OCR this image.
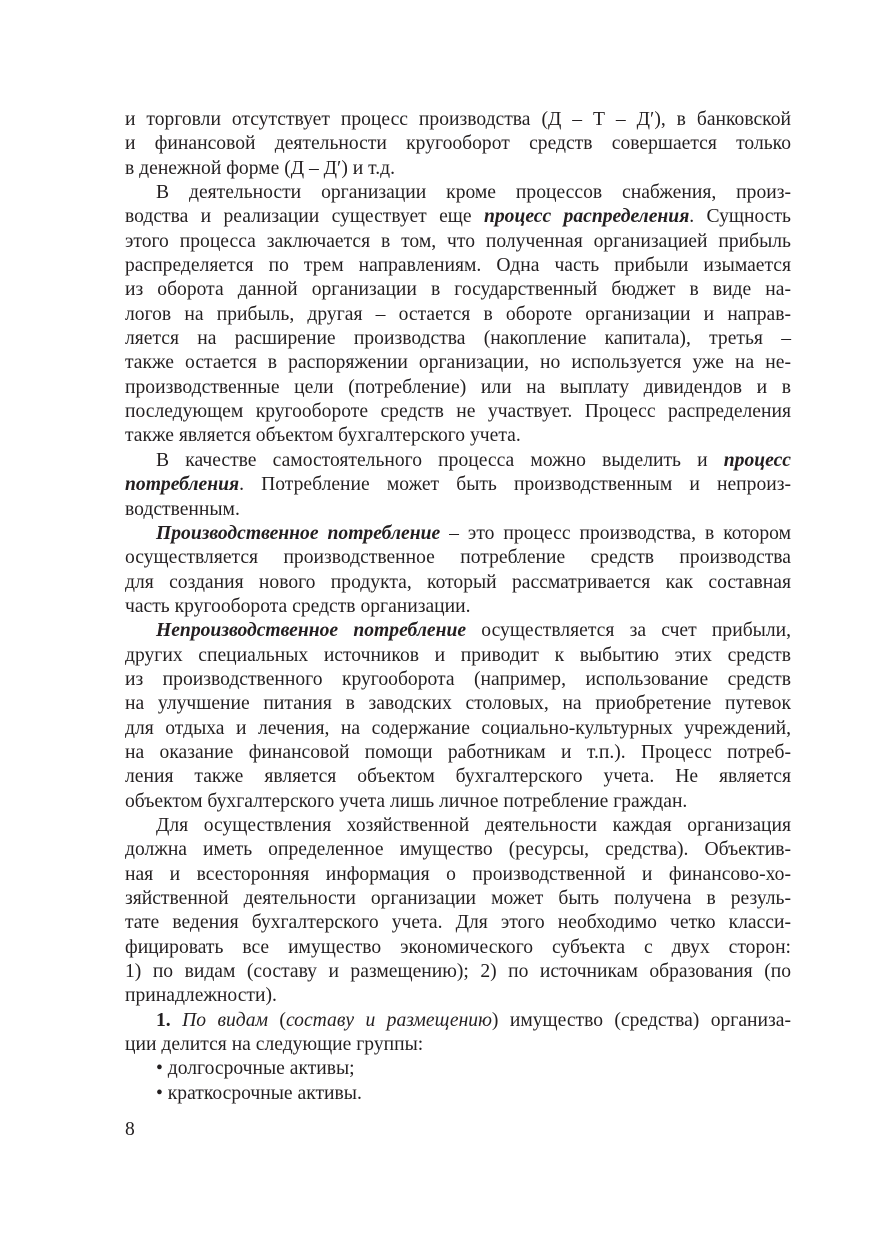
и торговли отсутствует процесс производства (Д – Т – Д′), в банковской
и финансовой деятельности кругооборот средств совершается только
в денежной форме (Д – Д′) и т.д.
В деятельности организации кроме процессов снабжения, произ-
водства и реализации существует еще процесс распределения. Сущность
этого процесса заключается в том, что полученная организацией прибыль
распределяется по трем направлениям. Одна часть прибыли изымается
из оборота данной организации в государственный бюджет в виде на-
логов на прибыль, другая – остается в обороте организации и направ-
ляется на расширение производства (накопление капитала), третья –
также остается в распоряжении организации, но используется уже на не-
производственные цели (потребление) или на выплату дивидендов и в
последующем кругообороте средств не участвует. Процесс распределения
также является объектом бухгалтерского учета.
В качестве самостоятельного процесса можно выделить и процесс
потребления. Потребление может быть производственным и непроиз-
водственным.
Производственное потребление – это процесс производства, в котором
осуществляется производственное потребление средств производства
для создания нового продукта, который рассматривается как составная
часть кругооборота средств организации.
Непроизводственное потребление осуществляется за счет прибыли,
других специальных источников и приводит к выбытию этих средств
из производственного кругооборота (например, использование средств
на улучшение питания в заводских столовых, на приобретение путевок
для отдыха и лечения, на содержание социально-культурных учреждений,
на оказание финансовой помощи работникам и т.п.). Процесс потреб-
ления также является объектом бухгалтерского учета. Не является
объектом бухгалтерского учета лишь личное потребление граждан.
Для осуществления хозяйственной деятельности каждая организация
должна иметь определенное имущество (ресурсы, средства). Объектив-
ная и всесторонняя информация о производственной и финансово-хо-
зяйственной деятельности организации может быть получена в резуль-
тате ведения бухгалтерского учета. Для этого необходимо четко класси-
фицировать все имущество экономического субъекта с двух сторон:
1) по видам (составу и размещению); 2) по источникам образования (по
принадлежности).
1. По видам (составу и размещению) имущество (средства) организа-
ции делится на следующие группы:
• долгосрочные активы;
• краткосрочные активы.
8
